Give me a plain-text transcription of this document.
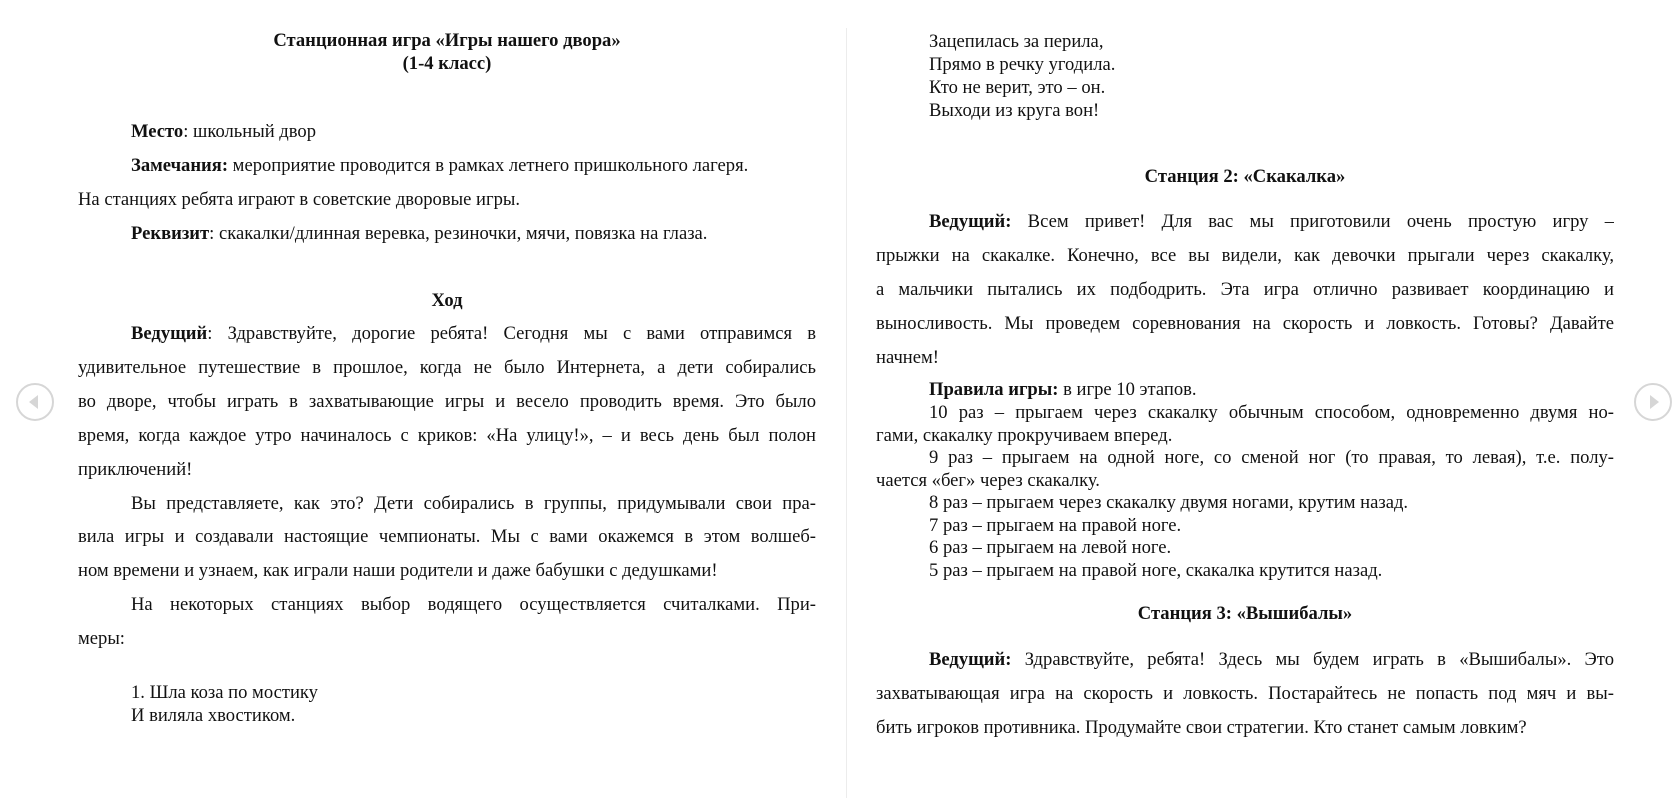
Станционная игра «Игры нашего двора»
(1-4 класс)
Место: школьный двор
Замечания: мероприятие проводится в рамках летнего пришкольного лагеря.
На станциях ребята играют в советские дворовые игры.
Реквизит: скакалки/длинная веревка, резиночки, мячи, повязка на глаза.
Ход
Ведущий: Здравствуйте, дорогие ребята! Сегодня мы с вами отправимся в
удивительное путешествие в прошлое, когда не было Интернета, а дети собирались
во дворе, чтобы играть в захватывающие игры и весело проводить время. Это было
время, когда каждое утро начиналось с криков: «На улицу!», – и весь день был полон
приключений!
Вы представляете, как это? Дети собирались в группы, придумывали свои пра-
вила игры и создавали настоящие чемпионаты. Мы с вами окажемся в этом волшеб-
ном времени и узнаем, как играли наши родители и даже бабушки с дедушками!
На некоторых станциях выбор водящего осуществляется считалками. При-
меры:
1. Шла коза по мостику
И виляла хвостиком.
Зацепилась за перила,
Прямо в речку угодила.
Кто не верит, это – он.
Выходи из круга вон!
Станция 2: «Скакалка»
Ведущий: Всем привет! Для вас мы приготовили очень простую игру –
прыжки на скакалке. Конечно, все вы видели, как девочки прыгали через скакалку,
а мальчики пытались их подбодрить. Эта игра отлично развивает координацию и
выносливость. Мы проведем соревнования на скорость и ловкость. Готовы? Давайте
начнем!
Правила игры: в игре 10 этапов.
10 раз – прыгаем через скакалку обычным способом, одновременно двумя но-
гами, скакалку прокручиваем вперед.
9 раз – прыгаем на одной ноге, со сменой ног (то правая, то левая), т.е. полу-
чается «бег» через скакалку.
8 раз – прыгаем через скакалку двумя ногами, крутим назад.
7 раз – прыгаем на правой ноге.
6 раз – прыгаем на левой ноге.
5 раз – прыгаем на правой ноге, скакалка крутится назад.
Станция 3: «Вышибалы»
Ведущий: Здравствуйте, ребята! Здесь мы будем играть в «Вышибалы». Это
захватывающая игра на скорость и ловкость. Постарайтесь не попасть под мяч и вы-
бить игроков противника. Продумайте свои стратегии. Кто станет самым ловким?
